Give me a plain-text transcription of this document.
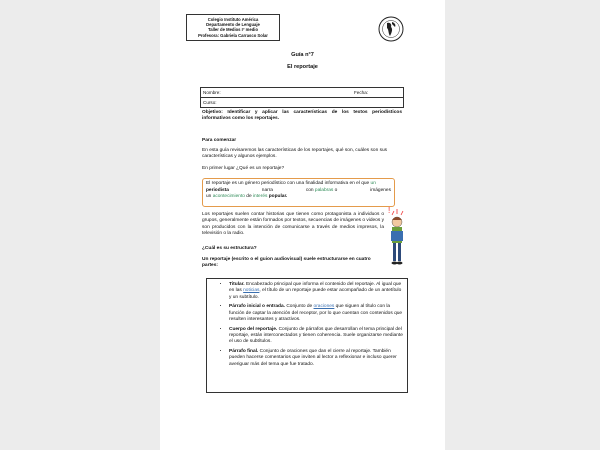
Colegio Instituto América
Departamento de Lenguaje
Taller de Medios I° medio
Profesora: Gabriela Carrasco Solar
Guía n°7
El reportaje
Nombre:	Fecha:
Curso:
Objetivo: Identificar y aplicar las características de los textos periodísticos informativos como los reportajes.
Para comenzar
En esta guía revisaremos las características de los reportajes, qué son, cuáles son sus características y algunos ejemplos.
En primer lugar ¿Qué es un reportaje?
El reportaje es un género periodístico con una finalidad informativa en el que un
periodista	narra	con palabras o	imágenes
un acontecimiento de interés popular.
!
Los reportajes suelen contar historias que tienen como protagonista a individuos o grupos, generalmente están formados por textos, secuencias de imágenes o videos y son producidos con la intención de comunicarse a través de medios impresos, la televisión o la radio.
¿Cuál es su estructura?
Un reportaje (escrito o el guion audiovisual) suele estructurarse en cuatro partes:
• Titular. Encabezado principal que informa el contenido del reportaje. Al igual que en las noticias, el título de un reportaje puede estar acompañado de un antetítulo y un subtítulo.
• Párrafo inicial o entrada. Conjunto de oraciones que siguen al título con la función de captar la atención del receptor, por lo que cuentan con contenidos que resulten interesantes y atractivos.
• Cuerpo del reportaje. Conjunto de párrafos que desarrollan el tema principal del reportaje, están interconectados y tienen coherencia. Suele organizarse mediante el uso de subtítulos.
• Párrafo final. Conjunto de oraciones que dan el cierre al reportaje. También pueden hacerse comentarios que inviten al lector a reflexionar e incluso querer averiguar más del tema que fue tratado.
